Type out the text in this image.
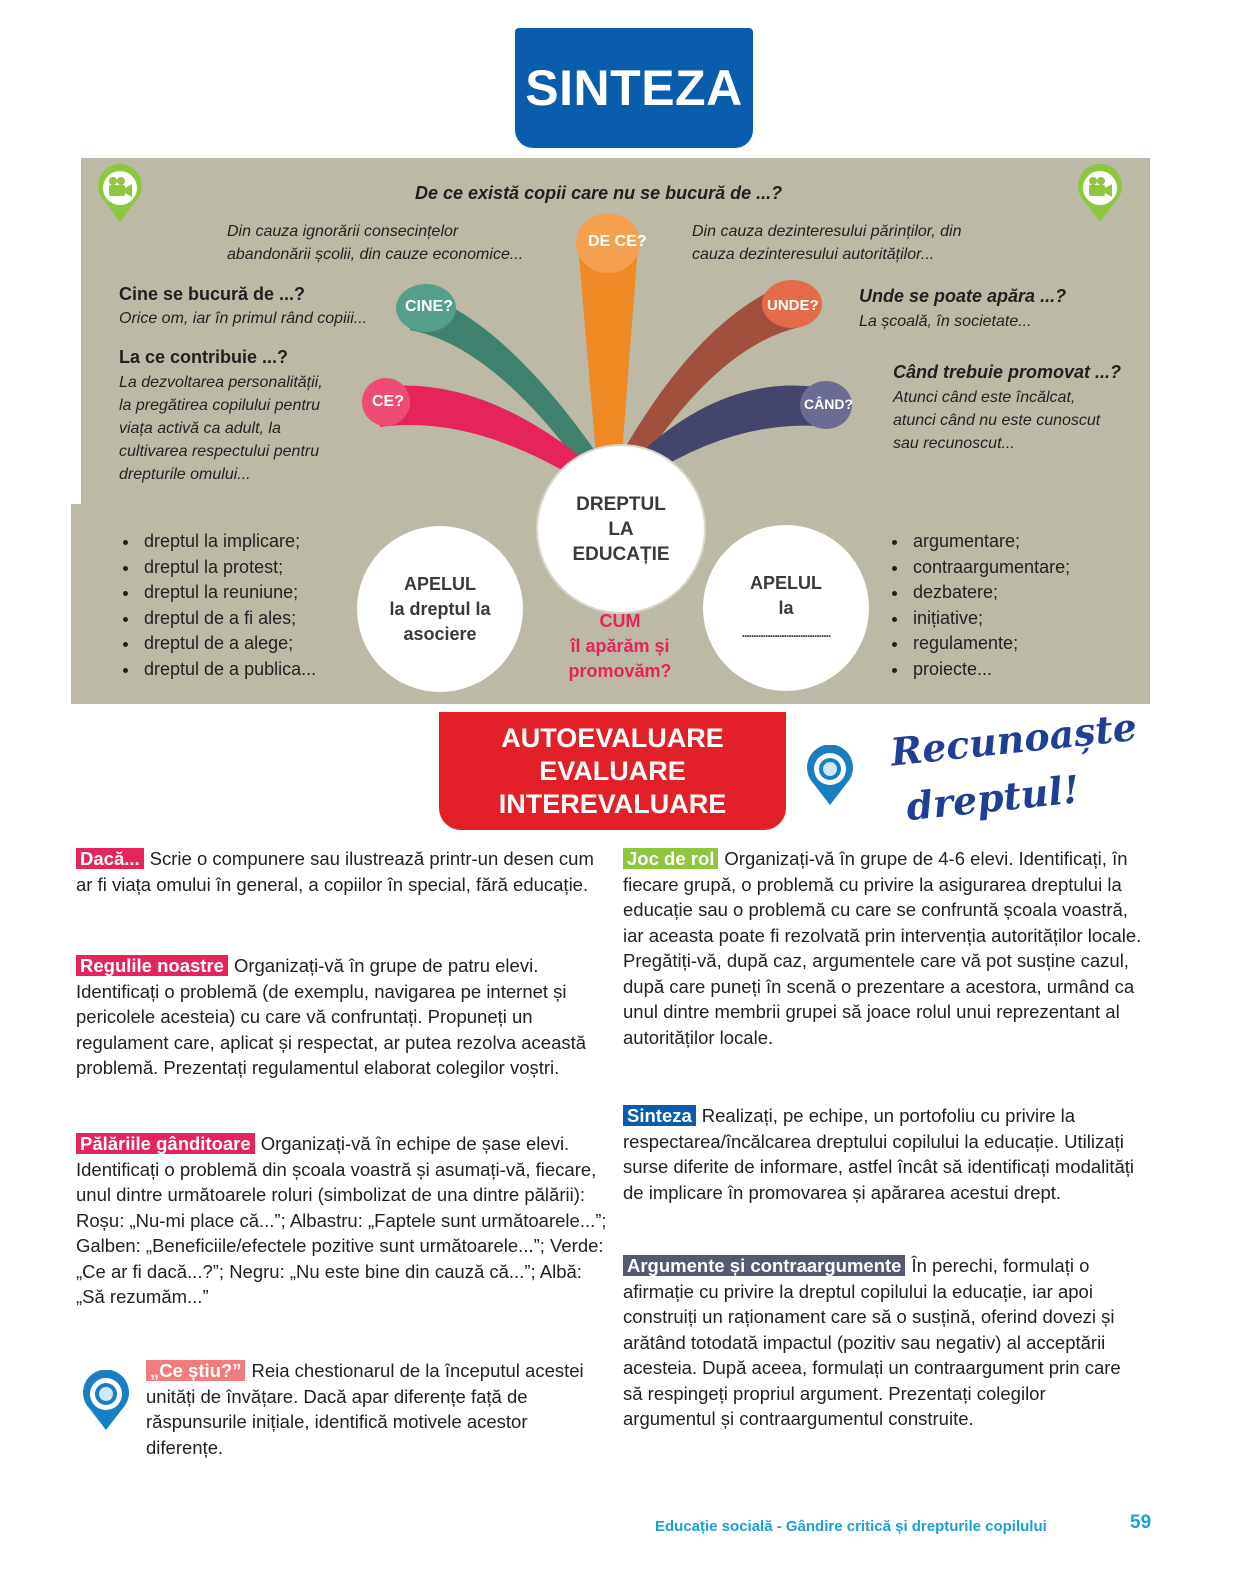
SINTEZA
DE CE?
CINE?
CE?
UNDE?
CÂND?
De ce există copii care nu se bucură de ...?
Din cauza ignorării consecințelor
abandonării școlii, din cauze economice...
Din cauza dezinteresului părinților, din
cauza dezinteresului autorităților...
Cine se bucură de ...?
Orice om, iar în primul rând copiii...
La ce contribuie ...?
La dezvoltarea personalității,
la pregătirea copilului pentru
viața activă ca adult, la
cultivarea respectului pentru
drepturile omului...
Unde se poate apăra ...?
La școală, în societate...
Când trebuie promovat ...?
Atunci când este încălcat,
atunci când nu este cunoscut
sau recunoscut...
DREPTUL
LA
EDUCAȚIE
APELUL
la dreptul la
asociere
APELUL
la
......................................
CUM
îl apărăm și
promovăm?
• dreptul la implicare;
• dreptul la protest;
• dreptul la reuniune;
• dreptul de a fi ales;
• dreptul de a alege;
• dreptul de a publica...
• argumentare;
• contraargumentare;
• dezbatere;
• inițiative;
• regulamente;
• proiecte...
AUTOEVALUARE
EVALUARE
INTEREVALUARE
Recunoaște
dreptul!
Dacă... Scrie o compunere sau ilustrează printr-un desen cum ar fi viața omului în general, a copiilor în special, fără educație.
Regulile noastre Organizați-vă în grupe de patru elevi. Identificați o problemă (de exemplu, navigarea pe internet și pericolele acesteia) cu care vă confruntați. Propuneți un regulament care, aplicat și respectat, ar putea rezolva această problemă. Prezentați regulamentul elaborat colegilor voștri.
Pălăriile gânditoare Organizați-vă în echipe de șase elevi. Identificați o problemă din școala voastră și asumați-vă, fiecare, unul dintre următoarele roluri (simbolizat de una dintre pălării): Roșu: „Nu-mi place că...”; Albastru: „Faptele sunt următoarele...”; Galben: „Beneficiile/efectele pozitive sunt următoarele...”; Verde: „Ce ar fi dacă...?”; Negru: „Nu este bine din cauză că...”; Albă: „Să rezumăm...”
„Ce știu?” Reia chestionarul de la începutul acestei unități de învățare. Dacă apar diferențe față de răspunsurile inițiale, identifică motivele acestor diferențe.
Joc de rol Organizați-vă în grupe de 4-6 elevi. Identificați, în fiecare grupă, o problemă cu privire la asigurarea dreptului la educație sau o problemă cu care se confruntă școala voastră, iar aceasta poate fi rezolvată prin intervenția autorităților locale. Pregătiți-vă, după caz, argumentele care vă pot susține cazul, după care puneți în scenă o prezentare a acestora, urmând ca unul dintre membrii grupei să joace rolul unui reprezentant al autorităților locale.
Sinteza Realizați, pe echipe, un portofoliu cu privire la respectarea/încălcarea dreptului copilului la educație. Utilizați surse diferite de informare, astfel încât să identificați modalități de implicare în promovarea și apărarea acestui drept.
Argumente și contraargumente În perechi, formulați o afirmație cu privire la dreptul copilului la educație, iar apoi construiți un raționament care să o susțină, oferind dovezi și arătând totodată impactul (pozitiv sau negativ) al acceptării acesteia. După aceea, formulați un contraargument prin care să respingeți propriul argument. Prezentați colegilor argumentul și contraargumentul construite.
Educație socială - Gândire critică și drepturile copilului	59
